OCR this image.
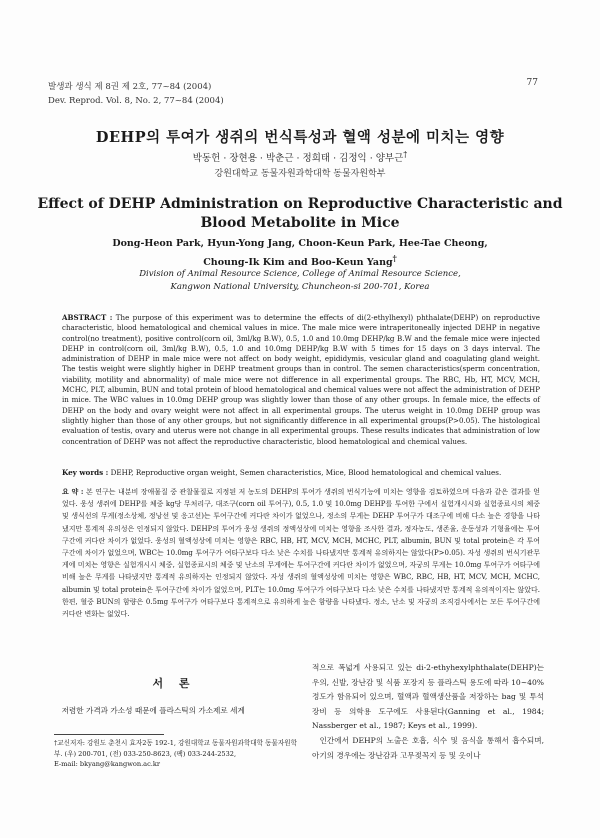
발생과 생식 제 8권 제 2호, 77~84 (2004)
Dev. Reprod. Vol. 8, No. 2, 77~84 (2004)
77
DEHP의 투여가 생쥐의 번식특성과 혈액 성분에 미치는 영향
박동헌 · 장현용 · 박춘근 · 정희태 · 김정익 · 양부근†
강원대학교 동물자원과학대학 동물자원학부
Effect of DEHP Administration on Reproductive Characteristic and
Blood Metabolite in Mice
Dong-Heon Park, Hyun-Yong Jang, Choon-Keun Park, Hee-Tae Cheong,
Choung-Ik Kim and Boo-Keun Yang†
Division of Animal Resource Science, College of Animal Resource Science,
Kangwon National University, Chuncheon-si 200-701, Korea
ABSTRACT : The purpose of this experiment was to determine the effects of di(2-ethylhexyl) phthalate(DEHP) on reproductive characteristic, blood hematological and chemical values in mice. The male mice were intraperitoneally injected DEHP in negative control(no treatment), positive control(corn oil, 3ml/kg B.W), 0.5, 1.0 and 10.0mg DEHP/kg B.W and the female mice were injected DEHP in control(corn oil, 3ml/kg B.W), 0.5, 1.0 and 10.0mg DEHP/kg B.W with 5 times for 15 days on 3 days interval. The administration of DEHP in male mice were not affect on body weight, epididymis, vesicular gland and coagulating gland weight. The testis weight were slightly higher in DEHP treatment groups than in control. The semen characteristics(sperm concentration, viability, motility and abnormality) of male mice were not difference in all experimental groups. The RBC, Hb, HT, MCV, MCH, MCHC, PLT, albumin, BUN and total protein of blood hematological and chemical values were not affect the administration of DEHP in mice. The WBC values in 10.0mg DEHP group was slightly lower than those of any other groups. In female mice, the effects of DEHP on the body and ovary weight were not affect in all experimental groups. The uterus weight in 10.0mg DEHP group was slightly higher than those of any other groups, but not significantly difference in all experimental groups(P>0.05). The histological evaluation of testis, ovary and uterus were not change in all experimental groups. These results indicates that administration of low concentration of DEHP was not affect the reproductive characteristic, blood hematological and chemical values.
Key words : DEHP, Reproductive organ weight, Semen characteristics, Mice, Blood hematological and chemical values.
요 약 : 본 연구는 내분비 장애물질 중 관찰물질로 지정된 저 농도의 DEHP의 투여가 생쥐의 번식기능에 미치는 영향을 검토하였으며 다음과 같은 결과를 얻었다. 웅성 생쥐에 DEHP를 체중 kg당 무처리구, 대조구(corn oil 투여구), 0.5, 1.0 및 10.0mg DEHP를 투여한 구에서 실험개시시와 실험종료시의 체중 및 생식선의 무게(정소상체, 정낭선 및 응고선)는 투여구간에 커다란 차이가 없었으나, 정소의 무게는 DEHP 투여구가 대조구에 비해 다소 높은 경향을 나타냈지만 통계적 유의성은 인정되지 않았다. DEHP의 투여가 웅성 생쥐의 정액성상에 미치는 영향을 조사한 결과, 정자농도, 생존율, 운동성과 기형율에는 투여구간에 커다란 차이가 없었다. 웅성의 혈액성상에 미치는 영향은 RBC, HB, HT, MCV, MCH, MCHC, PLT, albumin, BUN 및 total protein은 각 투여구간에 차이가 없었으며, WBC는 10.0mg 투여구가 여타구보다 다소 낮은 수치를 나타냈지만 통계적 유의하지는 않았다(P>0.05). 자성 생쥐의 번식기관무게에 미치는 영향은 실험개시시 체중, 실험종료시의 체중 및 난소의 무게에는 투여구간에 커다란 차이가 없었으며, 자궁의 무게는 10.0mg 투여구가 여타구에 비해 높은 무게를 나타냈지만 통계적 유의하지는 인정되지 않았다. 자성 생쥐의 혈액성상에 미치는 영향은 WBC, RBC, HB, HT, MCV, MCH, MCHC, albumin 및 total protein은 투여구간에 차이가 없었으며, PLT는 10.0mg 투여구가 여타구보다 다소 낮은 수치를 나타냈지만 통계적 유의적이지는 않았다. 한편, 혈중 BUN의 함량은 0.5mg 투여구가 여타구보다 통계적으로 유의하게 높은 함량을 나타냈다. 정소, 난소 및 자궁의 조직검사에서는 모든 투여구간에 커다란 변화는 없었다.
서 론

저렴한 가격과 가소성 때문에 플라스틱의 가소제로 세계

†교신저자: 강원도 춘천시 효자2동 192-1, 강원대학교 동물자원과학대학 동물자원학부. (우) 200-701, (전) 033-250-8623, (팩) 033-244-2532,
E-mail: bkyang@kangwon.ac.kr

적으로 폭넓게 사용되고 있는 di-2-ethyhexylphthalate(DEHP)는 우의, 신발, 장난감 및 식품 포장지 등 플라스틱 용도에 따라 10~40% 정도가 함유되어 있으며, 혈액과 혈액생산품을 저장하는 bag 및 투석장비 등 의학용 도구에도 사용된다(Ganning et al., 1984; Nassberger et al., 1987; Keys et al., 1999).

인간에서 DEHP의 노출은 호흡, 식수 및 음식을 통해서 흡수되며, 아기의 경우에는 장난감과 고무젖꼭지 등 및 옷이나
